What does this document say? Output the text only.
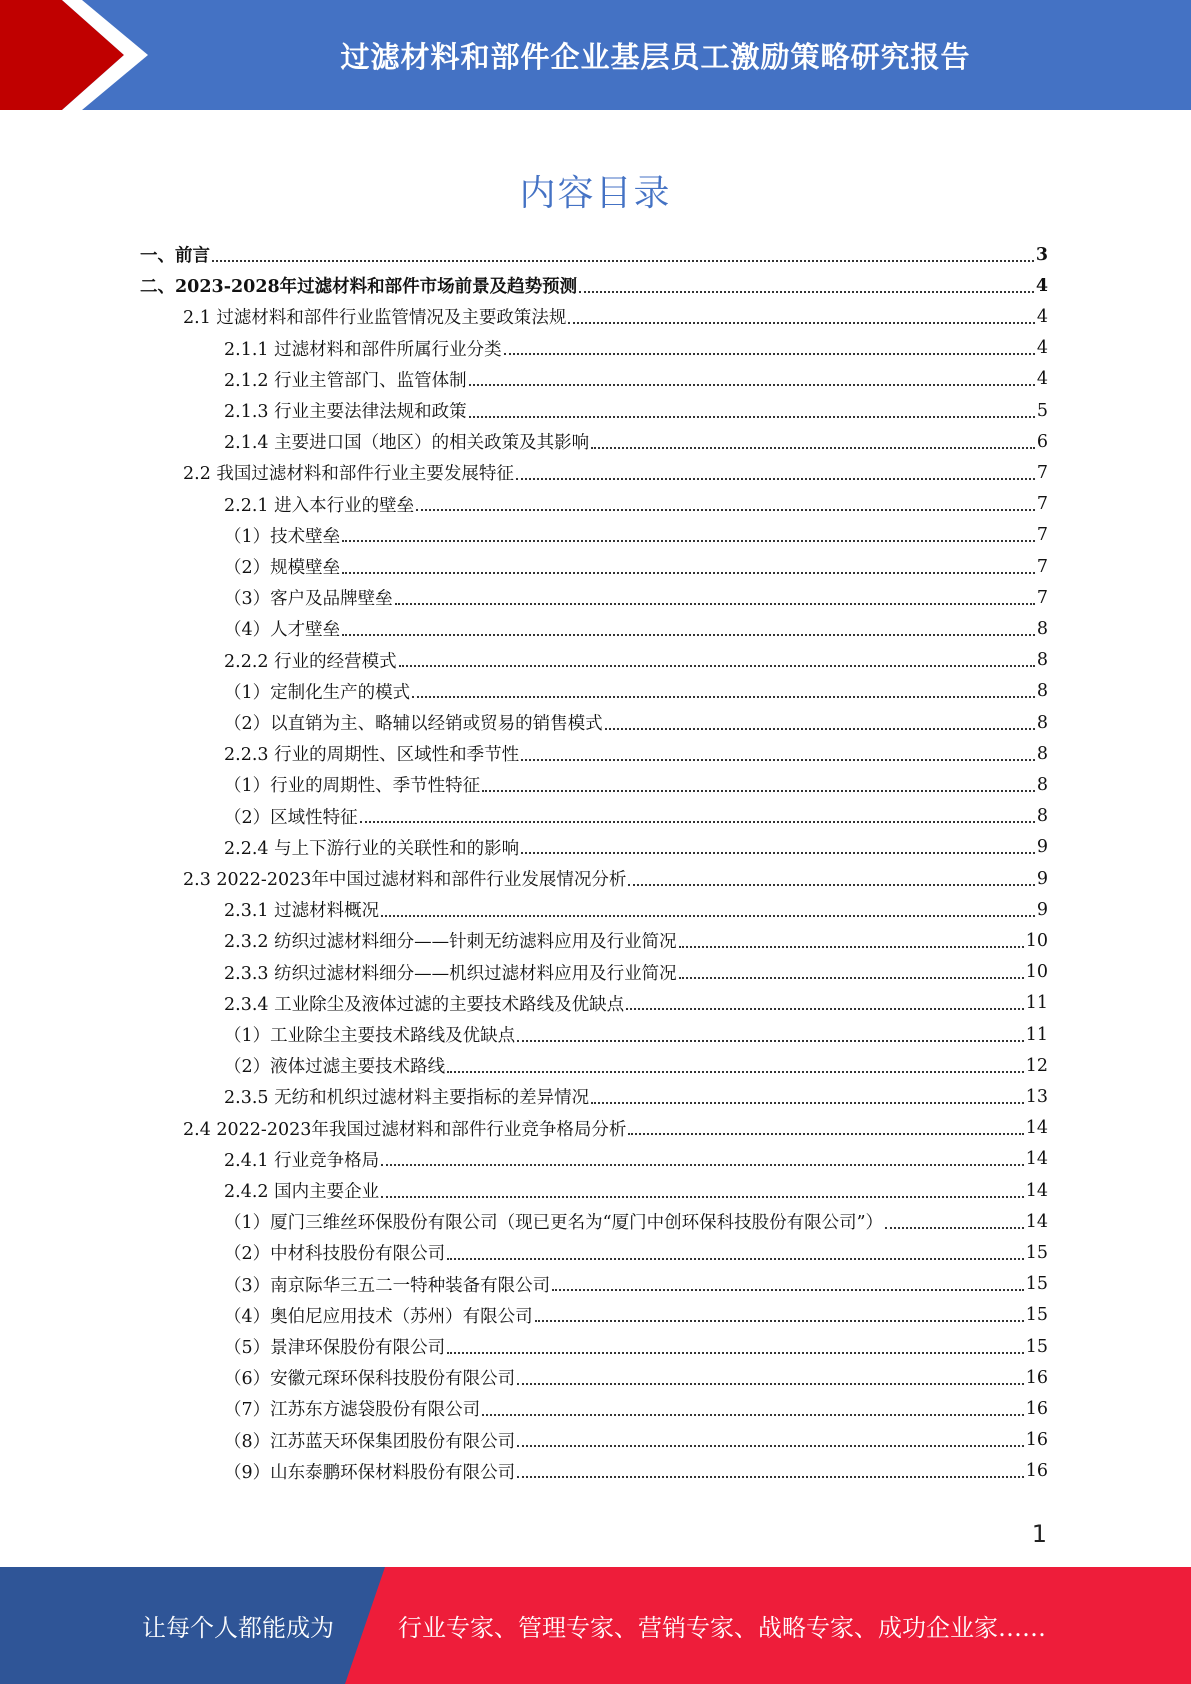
过滤材料和部件企业基层员工激励策略研究报告
内容目录
一、前言	3
二、2023-2028年过滤材料和部件市场前景及趋势预测	4
2.1 过滤材料和部件行业监管情况及主要政策法规	4
2.1.1 过滤材料和部件所属行业分类	4
2.1.2 行业主管部门、监管体制	4
2.1.3 行业主要法律法规和政策	5
2.1.4 主要进口国（地区）的相关政策及其影响	6
2.2 我国过滤材料和部件行业主要发展特征	7
2.2.1 进入本行业的壁垒	7
（1）技术壁垒	7
（2）规模壁垒	7
（3）客户及品牌壁垒	7
（4）人才壁垒	8
2.2.2 行业的经营模式	8
（1）定制化生产的模式	8
（2）以直销为主、略辅以经销或贸易的销售模式	8
2.2.3 行业的周期性、区域性和季节性	8
（1）行业的周期性、季节性特征	8
（2）区域性特征	8
2.2.4 与上下游行业的关联性和的影响	9
2.3 2022-2023年中国过滤材料和部件行业发展情况分析	9
2.3.1 过滤材料概况	9
2.3.2 纺织过滤材料细分——针刺无纺滤料应用及行业简况	10
2.3.3 纺织过滤材料细分——机织过滤材料应用及行业简况	10
2.3.4 工业除尘及液体过滤的主要技术路线及优缺点	11
（1）工业除尘主要技术路线及优缺点	11
（2）液体过滤主要技术路线	12
2.3.5 无纺和机织过滤材料主要指标的差异情况	13
2.4 2022-2023年我国过滤材料和部件行业竞争格局分析	14
2.4.1 行业竞争格局	14
2.4.2 国内主要企业	14
（1）厦门三维丝环保股份有限公司（现已更名为“厦门中创环保科技股份有限公司”）	14
（2）中材科技股份有限公司	15
（3）南京际华三五二一特种装备有限公司	15
（4）奥伯尼应用技术（苏州）有限公司	15
（5）景津环保股份有限公司	15
（6）安徽元琛环保科技股份有限公司	16
（7）江苏东方滤袋股份有限公司	16
（8）江苏蓝天环保集团股份有限公司	16
（9）山东泰鹏环保材料股份有限公司	16
1
让每个人都能成为	行业专家、管理专家、营销专家、战略专家、成功企业家……
